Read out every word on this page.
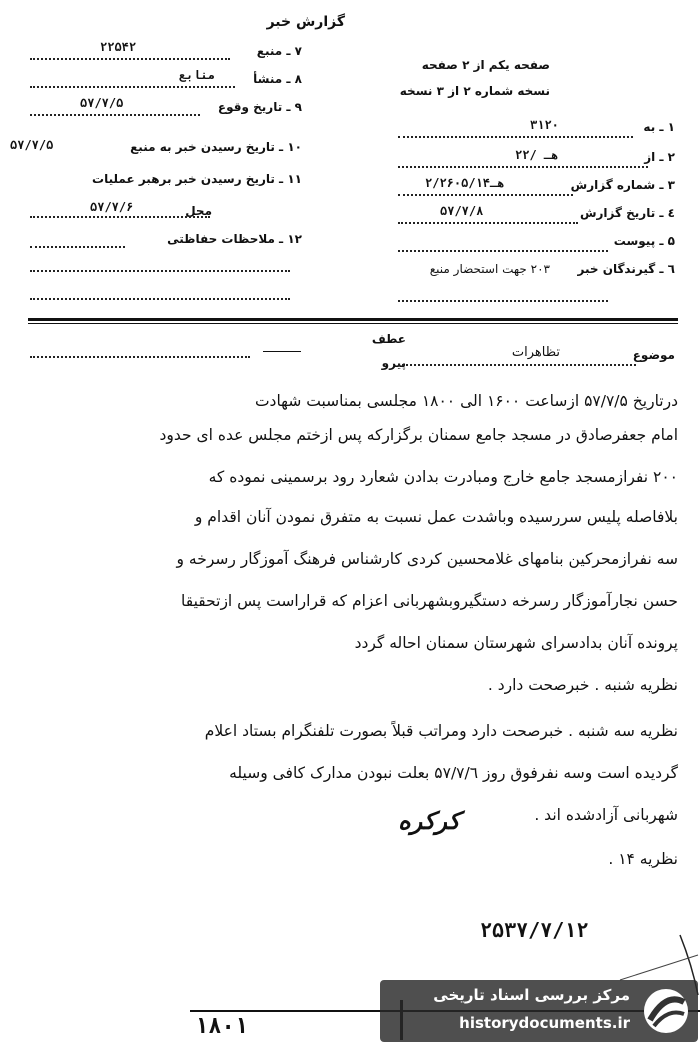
گزارش خبر
صفحه یکم از ۲ صفحه
نسخه شماره ۲ از ۳ نسخه
۱ ـ به
۳۱۲۰
۲ ـ از
۲۲/ هـ
۳ ـ شماره گزارش
۲/۲۶۰۵/۱۴هـ
٤ ـ تاریخ گزارش
۵۷/۷/۸
۵ ـ پیوست
٦ ـ گیرندگان خبر
۲۰۳ جهت استحضار منبع
۷ ـ منبع
۲۲۵۴۲
۸ ـ منشأ
منابع
۹ ـ تاریخ وقوع
۵۷/۷/۵
۱۰ ـ تاریخ رسیدن خبر به منبع
۵۷/۷/۵
۱۱ ـ تاریخ رسیدن خبر برهبر عملیات
محل
۵۷/۷/۶
۱۲ ـ ملاحظات حفاظتی
عطف
پیرو
موضوع
تظاهرات
درتاریخ ۵۷/۷/۵ ازساعت ۱۶۰۰ الی ۱۸۰۰ مجلسی بمناسبت شهادت
امام جعفرصادق در مسجد جامع سمنان برگزارکه پس ازختم مجلس عده ای حدود
۲۰۰ نفرازمسجد جامع خارج ومبادرت بدادن شعارد رود برسمینی نموده که
بلافاصله پلیس سررسیده وباشدت عمل نسبت به متفرق نمودن آنان اقدام و
سه نفرازمحرکین بنامهای غلامحسین کردی کارشناس فرهنگ آموزگار رسرخه و
حسن نجارآموزگار رسرخه دستگیروبشهربانی اعزام که قراراست پس ازتحقیقا
پرونده آنان بدادسرای شهرستان سمنان احاله گردد
نظریه شنبه . خبرصحت دارد .
نظریه سه شنبه . خبرصحت دارد ومراتب قبلاً بصورت تلفنگرام بستاد اعلام
گردیده است وسه نفرفوق روز ۵۷/۷/٦ بعلت نبودن مدارک کافی وسیله
شهربانی آزادشده اند .
کرکره
نظریه ۱۴ .
۲۵۳۷/۷/۱۲
۱۸۰۱
مرکز بررسی اسناد تاریخی
historydocuments.ir
